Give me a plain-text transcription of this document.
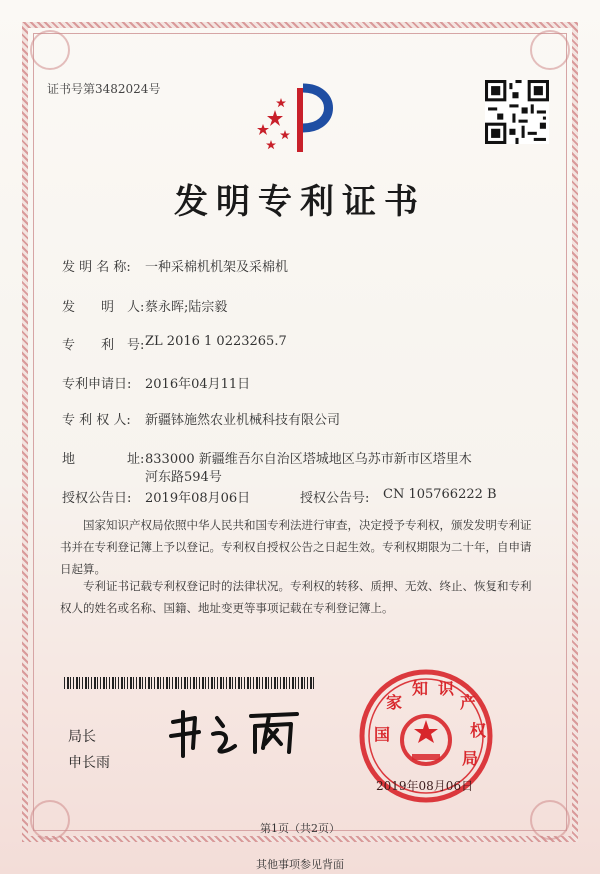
证书号第3482024号
发明专利证书
发 明 名 称: 一种采棉机机架及采棉机
发　　明　人: 蔡永晖;陆宗毅
专　　利　号: ZL 2016 1 0223265.7
专利申请日: 2016年04月11日
专 利 权 人: 新疆钵施然农业机械科技有限公司
地　　　　址: 833000 新疆维吾尔自治区塔城地区乌苏市新市区塔里木
河东路594号
授权公告日: 2019年08月06日	授权公告号: CN 105766222 B
国家知识产权局依照中华人民共和国专利法进行审查，决定授予专利权，颁发发明专利证书并在专利登记簿上予以登记。专利权自授权公告之日起生效。专利权期限为二十年，自申请日起算。
专利证书记载专利权登记时的法律状况。专利权的转移、质押、无效、终止、恢复和专利权人的姓名或名称、国籍、地址变更等事项记载在专利登记簿上。
局长
申长雨
国
家
知 识
产
权
局
2019年08月06日
第1页（共2页）
其他事项参见背面
